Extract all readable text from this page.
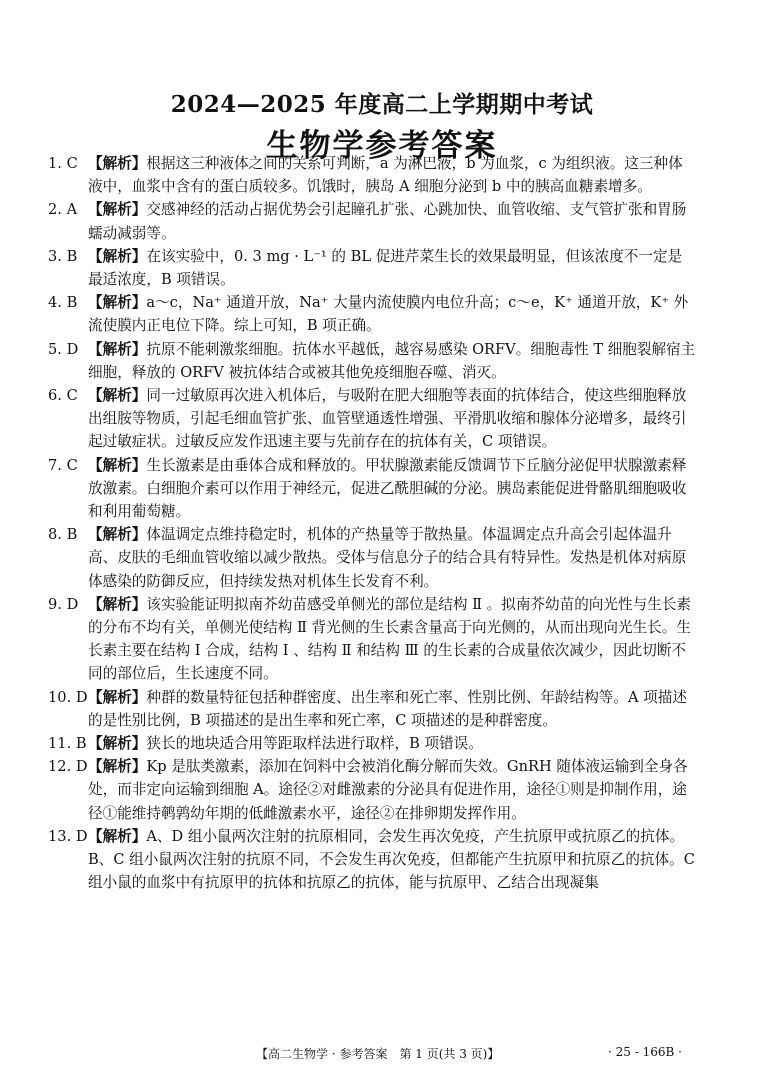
2024—2025 年度高二上学期期中考试
生物学参考答案

1. C 【解析】根据这三种液体之间的关系可判断，a 为淋巴液，b 为血浆，c 为组织液。这三种体液中，血浆中含有的蛋白质较多。饥饿时，胰岛 A 细胞分泌到 b 中的胰高血糖素增多。

2. A 【解析】交感神经的活动占据优势会引起瞳孔扩张、心跳加快、血管收缩、支气管扩张和胃肠蠕动减弱等。

3. B 【解析】在该实验中，0. 3 mg · L⁻¹ 的 BL 促进芹菜生长的效果最明显，但该浓度不一定是最适浓度，B 项错误。

4. B 【解析】a～c，Na⁺ 通道开放，Na⁺ 大量内流使膜内电位升高；c～e，K⁺ 通道开放，K⁺ 外流使膜内正电位下降。综上可知，B 项正确。

5. D 【解析】抗原不能刺激浆细胞。抗体水平越低，越容易感染 ORFV。细胞毒性 T 细胞裂解宿主细胞，释放的 ORFV 被抗体结合或被其他免疫细胞吞噬、消灭。

6. C 【解析】同一过敏原再次进入机体后，与吸附在肥大细胞等表面的抗体结合，使这些细胞释放出组胺等物质，引起毛细血管扩张、血管壁通透性增强、平滑肌收缩和腺体分泌增多，最终引起过敏症状。过敏反应发作迅速主要与先前存在的抗体有关，C 项错误。

7. C 【解析】生长激素是由垂体合成和释放的。甲状腺激素能反馈调节下丘脑分泌促甲状腺激素释放激素。白细胞介素可以作用于神经元，促进乙酰胆碱的分泌。胰岛素能促进骨骼肌细胞吸收和利用葡萄糖。

8. B 【解析】体温调定点维持稳定时，机体的产热量等于散热量。体温调定点升高会引起体温升高、皮肤的毛细血管收缩以减少散热。受体与信息分子的结合具有特异性。发热是机体对病原体感染的防御反应，但持续发热对机体生长发育不利。

9. D 【解析】该实验能证明拟南芥幼苗感受单侧光的部位是结构 Ⅱ 。拟南芥幼苗的向光性与生长素的分布不均有关，单侧光使结构 Ⅱ 背光侧的生长素含量高于向光侧的，从而出现向光生长。生长素主要在结构 Ⅰ 合成，结构 Ⅰ 、结构 Ⅱ 和结构 Ⅲ 的生长素的合成量依次减少，因此切断不同的部位后，生长速度不同。

10. D 【解析】种群的数量特征包括种群密度、出生率和死亡率、性别比例、年龄结构等。A 项描述的是性别比例，B 项描述的是出生率和死亡率，C 项描述的是种群密度。

11. B 【解析】狭长的地块适合用等距取样法进行取样，B 项错误。

12. D 【解析】Kp 是肽类激素，添加在饲料中会被消化酶分解而失效。GnRH 随体液运输到全身各处，而非定向运输到细胞 A。途径②对雌激素的分泌具有促进作用，途径①则是抑制作用，途径①能维持鹌鹑幼年期的低雌激素水平，途径②在排卵期发挥作用。

13. D 【解析】A、D 组小鼠两次注射的抗原相同，会发生再次免疫，产生抗原甲或抗原乙的抗体。B、C 组小鼠两次注射的抗原不同，不会发生再次免疫，但都能产生抗原甲和抗原乙的抗体。C 组小鼠的血浆中有抗原甲的抗体和抗原乙的抗体，能与抗原甲、乙结合出现凝集

【高二生物学 · 参考答案　第 1 页(共 3 页)】	· 25 - 166B ·
